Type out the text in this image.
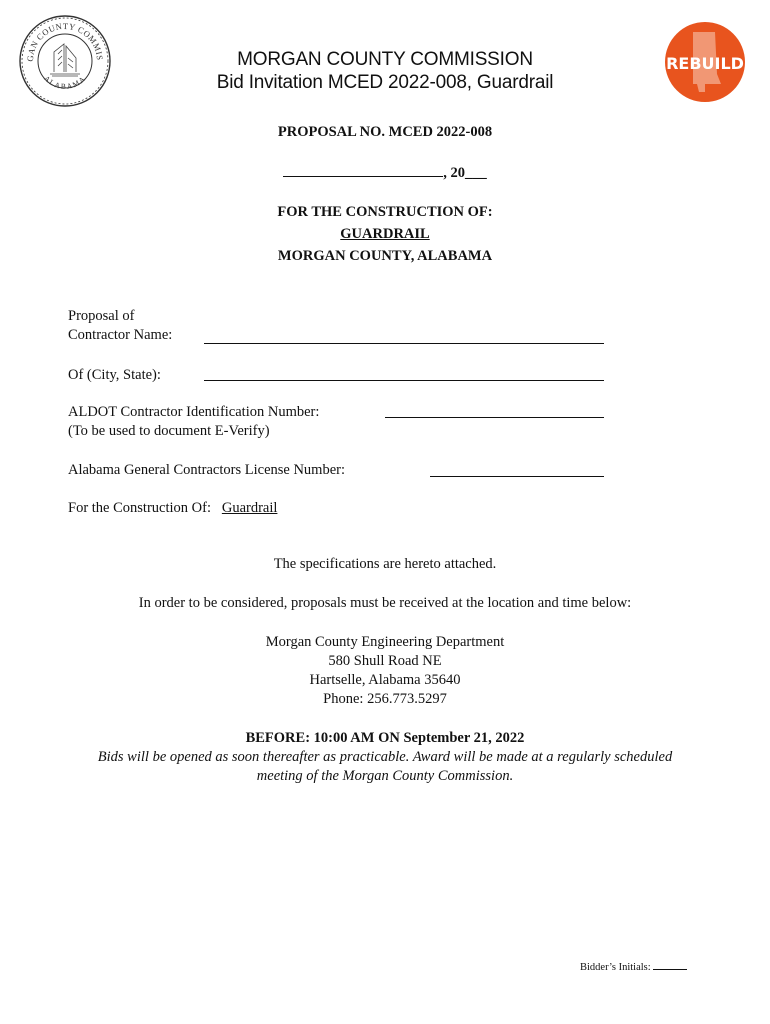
GAN COUNTY COMMIS
ALABAMA
REBUILD
MORGAN COUNTY COMMISSION
Bid Invitation MCED 2022-008, Guardrail
PROPOSAL NO. MCED 2022-008
, 20___
FOR THE CONSTRUCTION OF:
GUARDRAIL
MORGAN COUNTY, ALABAMA
Proposal of
Contractor Name:
Of (City, State):
ALDOT Contractor Identification Number:
(To be used to document E-Verify)
Alabama General Contractors License Number:
For the Construction Of: Guardrail
The specifications are hereto attached.
In order to be considered, proposals must be received at the location and time below:
Morgan County Engineering Department
580 Shull Road NE
Hartselle, Alabama 35640
Phone: 256.773.5297
BEFORE: 10:00 AM ON September 21, 2022
Bids will be opened as soon thereafter as practicable. Award will be made at a regularly scheduled
meeting of the Morgan County Commission.
Bidder’s Initials:
